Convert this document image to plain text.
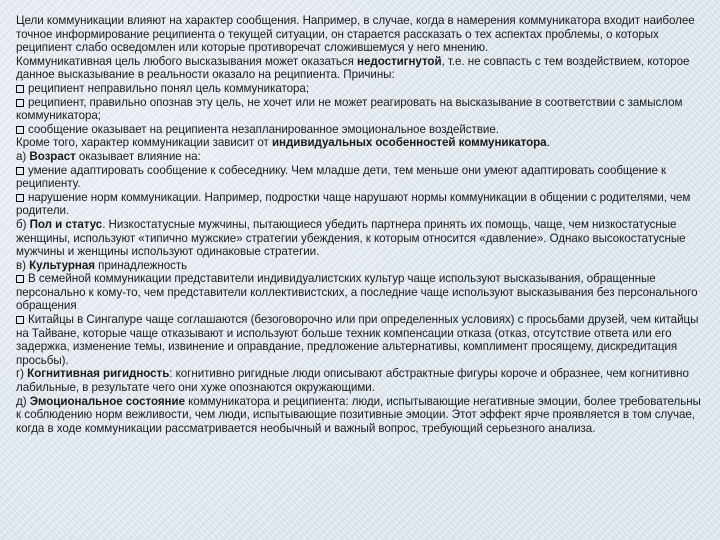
Цели коммуникации влияют на характер сообщения. Например, в случае, когда в намерения коммуникатора входит наиболее точное информирование реципиента о текущей ситуации, он старается рассказать о тех аспектах проблемы, о которых реципиент слабо осведомлен или которые противоречат сложившемуся у него мнению.

Коммуникативная цель любого высказывания может оказаться недостигнутой, т.е. не совпасть с тем воздействием, которое данное высказывание в реальности оказало на реципиента. Причины:

реципиент неправильно понял цель коммуникатора;

реципиент, правильно опознав эту цель, не хочет или не может реагировать на высказывание в соответствии с замыслом коммуникатора;

сообщение оказывает на реципиента незапланированное эмоциональное воздействие.

Кроме того, характер коммуникации зависит от индивидуальных особенностей коммуникатора.

а) Возраст оказывает влияние на:

умение адаптировать сообщение к собеседнику. Чем младше дети, тем меньше они умеют адаптировать сообщение к реципиенту.

нарушение норм коммуникации. Например, подростки чаще нарушают нормы коммуникации в общении с родителями, чем родители.

б) Пол и статус. Низкостатусные мужчины, пытающиеся убедить партнера принять их помощь, чаще, чем низкостатусные женщины, используют «типично мужские» стратегии убеждения, к которым относится «давление». Однако высокостатусные мужчины и женщины используют одинаковые стратегии.

в) Культурная принадлежность

В семейной коммуникации представители индивидуалистских культур чаще используют высказывания, обращенные персонально к кому-то, чем представители коллективистских, а последние чаще используют высказывания без персонального обращения

Китайцы в Сингапуре чаще соглашаются (безоговорочно или при определенных условиях) с просьбами друзей, чем китайцы на Тайване, которые чаще отказывают и используют больше техник компенсации отказа (отказ, отсутствие ответа или его задержка, изменение темы, извинение и оправдание, предложение альтернативы, комплимент просящему, дискредитация просьбы).

г) Когнитивная ригидность: когнитивно ригидные люди описывают абстрактные фигуры короче и образнее, чем когнитивно лабильные, в результате чего они хуже опознаются окружающими.

д) Эмоциональное состояние коммуникатора и реципиента: люди, испытывающие негативные эмоции, более требовательны к соблюдению норм вежливости, чем люди, испытывающие позитивные эмоции. Этот эффект ярче проявляется в том случае, когда в ходе коммуникации рассматривается необычный и важный вопрос, требующий серьезного анализа.
